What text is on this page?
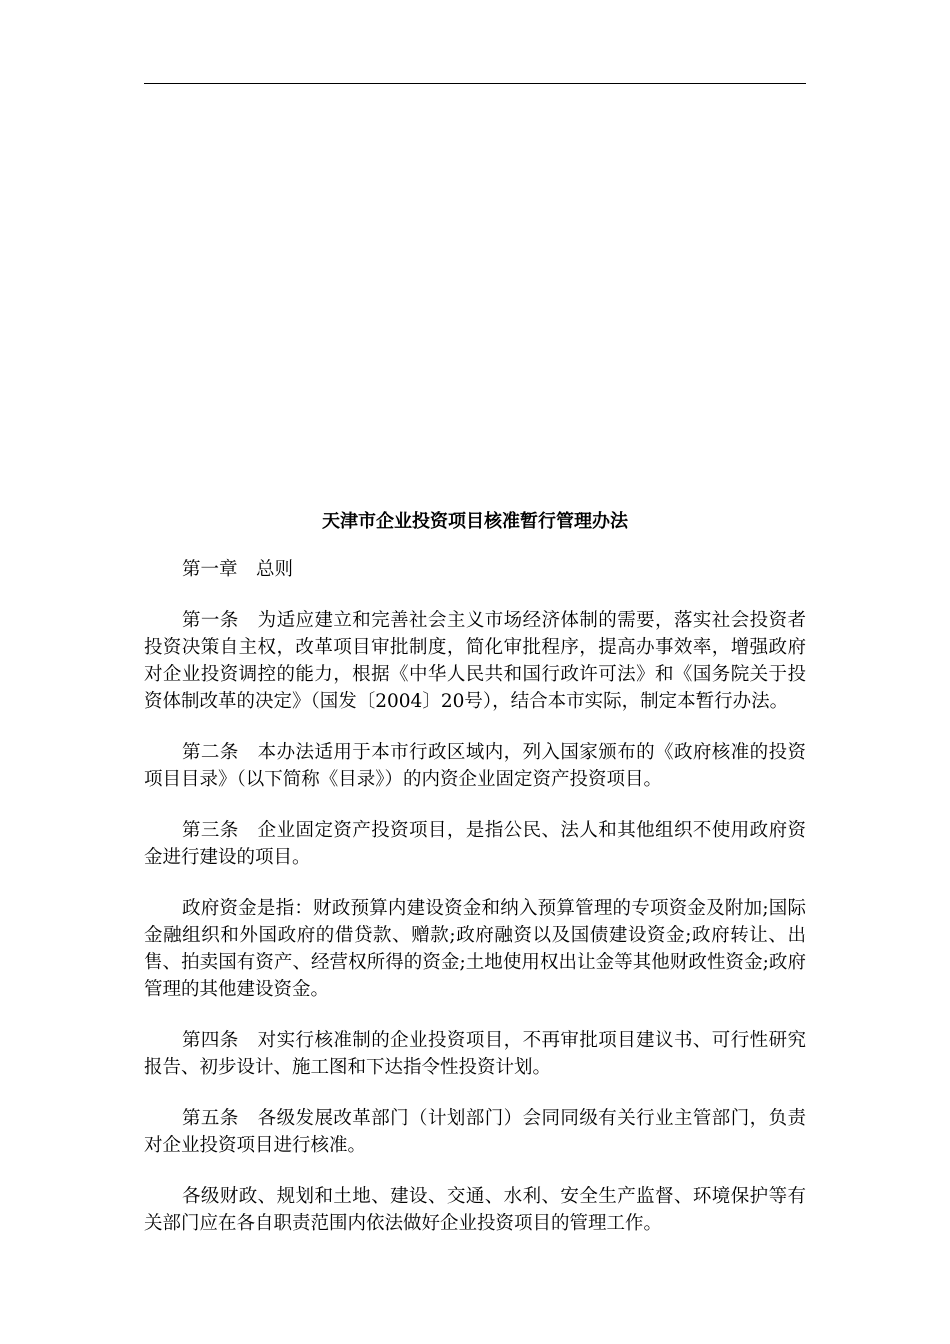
天津市企业投资项目核准暂行管理办法

第一章　总则

第一条　为适应建立和完善社会主义市场经济体制的需要，落实社会投资者投资决策自主权，改革项目审批制度，简化审批程序，提高办事效率，增强政府对企业投资调控的能力，根据《中华人民共和国行政许可法》和《国务院关于投资体制改革的决定》（国发〔2004〕20号），结合本市实际，制定本暂行办法。

第二条　本办法适用于本市行政区域内，列入国家颁布的《政府核准的投资项目目录》（以下简称《目录》）的内资企业固定资产投资项目。

第三条　企业固定资产投资项目，是指公民、法人和其他组织不使用政府资金进行建设的项目。

政府资金是指：财政预算内建设资金和纳入预算管理的专项资金及附加;国际金融组织和外国政府的借贷款、赠款;政府融资以及国债建设资金;政府转让、出售、拍卖国有资产、经营权所得的资金;土地使用权出让金等其他财政性资金;政府管理的其他建设资金。

第四条　对实行核准制的企业投资项目，不再审批项目建议书、可行性研究报告、初步设计、施工图和下达指令性投资计划。

第五条　各级发展改革部门（计划部门）会同同级有关行业主管部门，负责对企业投资项目进行核准。

各级财政、规划和土地、建设、交通、水利、安全生产监督、环境保护等有关部门应在各自职责范围内依法做好企业投资项目的管理工作。
